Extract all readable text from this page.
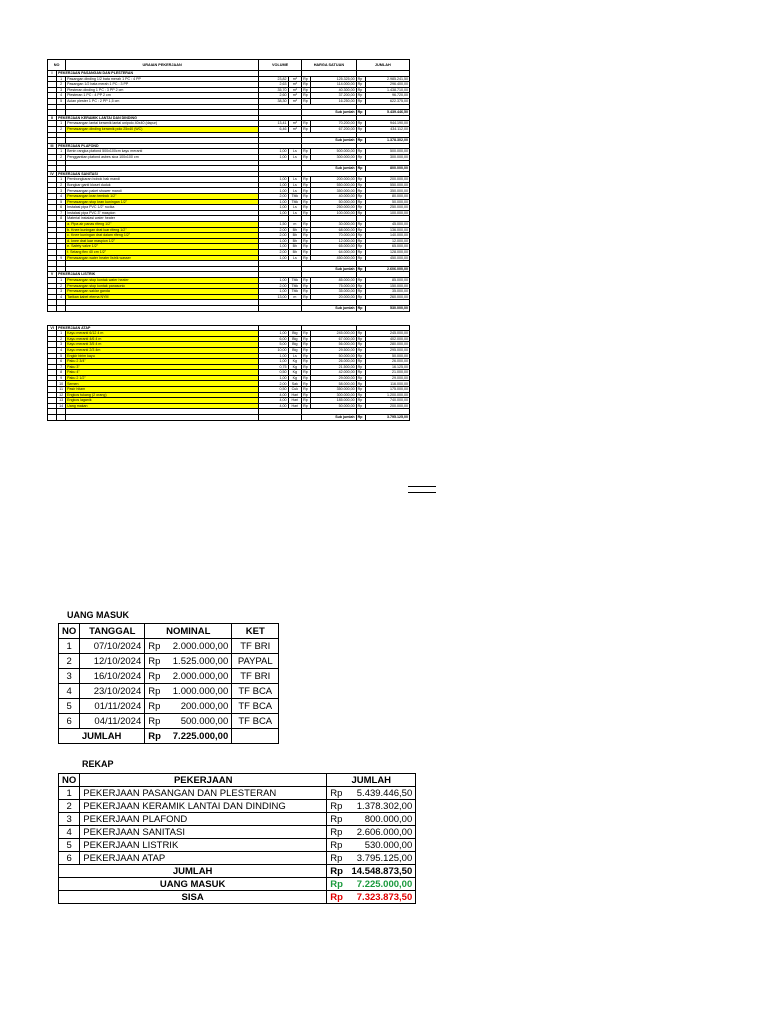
NO		URAIAN PEKERJAAN	VOLUME		HARGA SATUAN		JUMLAH	
I	PEKERJAAN PASANGAN DAN PLESTERAN							
	1	Pasangan dinding 1/2 bata merah 1 PC : 4 PP	23,82	m²	Rp	125.325,00	Rp	2.985.241,50
	2	Pasangan 1/2 bata merah 1 PC : 3 PP	2,63	m²	Rp	114.000,00	Rp	296.400,00
	3	Plesteran dinding 1 PC : 3 PP 2 cm	35,70	m²	Rp	40.300,00	Rp	1.438.710,00
	4	Plesteran 1 PC : 4 PP 2 cm	2,60	m²	Rp	37.200,00	Rp	96.720,00
	5	Acian plester 1 PC : 2 PP 1,5 cm	38,30	m²	Rp	16.250,00	Rp	622.375,00

					Sub jumlah		Rp	5.439.446,50
II	PEKERJAAN KERAMIK LANTAI DAN DINDING							
	1	Pemasangan lantai keramik lantai unipolo 40x40 (dapur)	13,41	m²	Rp	70.200,00	Rp	944.190,00
	2	Pemasangan dinding keramik polo 25x40 (WC)	6,46	m²	Rp	67.200,00	Rp	434.112,00

					Sub jumlah		Rp	1.378.302,00
III	PEKERJAAN PLAFOND							
	1	Benin rangka plafond 500x100cm kayu meranti	1,00	Ls	Rp	500.000,00	Rp	500.000,00
	2	Penggantian plafond asbes sica 100x100 cm	1,00	Ls	Rp	300.000,00	Rp	300.000,00

					Sub jumlah		Rp	800.000,00
IV	PEKERJAAN SANITASI							
	1	Pembongkaran bobok bak mandi	1,00	Ls	Rp	200.000,00	Rp	200.000,00
	2	Bongkar ganti kloset duduk	1,00	Ls	Rp	550.000,00	Rp	550.000,00
	3	Pemasangan paket shower mandi	1,00	Ls	Rp	350.000,00	Rp	350.000,00
	4	Pemasangan kran tembok 1/2"	2,00	Titik	Rp	40.000,00	Rp	80.000,00
	5	Pemasangan stop kran kuningan 1/2"	1,00	Titik	Rp	50.000,00	Rp	50.000,00
	6	Instalasi pipa PVC 1/2" rucika	1,00	Ls	Rp	250.000,00	Rp	250.000,00
	7	Instalasi pipa PVC 3" maspion	1,00	Ls	Rp	100.000,00	Rp	100.000,00
	8	Material instalasi water heater						
		a. Pipa air panas rifeng 1/2"	1,50	m	Rp	30.000,00	Rp	45.000,00
		b. Knee kuningan drat luar rifeng 1/2"	2,00	Bh	Rp	68.000,00	Rp	136.000,00
		c. Knee kuningan drat dalam rifeng 1/2"	2,00	Bh	Rp	70.000,00	Rp	140.000,00
		d. knee drat luar maspion 1/2"	1,00	Bh	Rp	12.000,00	Rp	12.000,00
		e. Safety valve 1/2"	1,00	Bh	Rp	65.000,00	Rp	65.000,00
		f. Selang flex 40 cm 1/2"	2,00	Bh	Rp	64.000,00	Rp	128.000,00
	9	Pemasangan water heater listrik wasser	1,00	Ls	Rp	450.000,00	Rp	450.000,00

					Sub jumlah		Rp	2.606.000,00
V	PEKERJAAN LISTRIK							
	1	Pemasangan stop kontak water heater	1,00	Titik	Rp	85.000,00	Rp	85.000,00
	2	Pemasangan stop kontak panasonic	2,00	Titik	Rp	75.000,00	Rp	150.000,00
	3	Pemasangan saklar ganda	1,00	Titik	Rp	35.000,00	Rp	35.000,00
	4	Tarikan kabel eterna NYM	13,00	m	Rp	20.000,00	Rp	260.000,00

					Sub jumlah		Rp	530.000,00

VI	PEKERJAAN ATAP							
	1	Kayu meranti 6/12 4 m	1,00	Btg	Rp	245.000,00	Rp	245.000,00
	2	Kayu meranti 4/6 4 m	6,00	Btg	Rp	67.000,00	Rp	402.000,00
	3	Kayu meranti 3/5 4 m	5,00	Btg	Rp	56.000,00	Rp	280.000,00
	4	Kayu meranti 2/3 4m	10,00	Btg	Rp	29.500,00	Rp	295.000,00
	5	Engkir birim kayu	1,00	Ls	Rp	50.000,00	Rp	50.000,00
	6	Paku 2 3/4"	1,00	Kg	Rp	26.000,00	Rp	26.000,00
	7	Paku 3"	0,75	Kg	Rp	21.500,00	Rp	16.125,00
	8	Paku 4"	0,50	Kg	Rp	42.000,00	Rp	21.000,00
	9	Paku 2 1/2"	1,00	Kg	Rp	29.000,00	Rp	29.000,00
	10	Semen	2,00	Sak	Rp	58.000,00	Rp	116.000,00
	11	Pasir hitam	0,50	Cuk	Rp	350.000,00	Rp	175.000,00
	12	Engkos tukang (2 orang)	4,00	Hari	Rp	300.000,00	Rp	1.200.000,00
	13	Engkos laganik	4,00	Hari	Rp	185.000,00	Rp	740.000,00
	14	Uang makan	4,00	Hari	Rp	50.000,00	Rp	200.000,00

					Sub jumlah		Rp	3.795.125,00
UANG MASUK
NO	TANGGAL	NOMINAL		KET
1	07/10/2024	Rp	2.000.000,00	TF BRI
2	12/10/2024	Rp	1.525.000,00	PAYPAL
3	16/10/2024	Rp	2.000.000,00	TF BRI
4	23/10/2024	Rp	1.000.000,00	TF BCA
5	01/11/2024	Rp	200.000,00	TF BCA
6	04/11/2024	Rp	500.000,00	TF BCA
JUMLAH		Rp	7.225.000,00	
REKAP
NO	PEKERJAAN	JUMLAH	
1	PEKERJAAN PASANGAN DAN PLESTERAN	Rp	5.439.446,50
2	PEKERJAAN KERAMIK LANTAI DAN DINDING	Rp	1.378.302,00
3	PEKERJAAN PLAFOND	Rp	800.000,00
4	PEKERJAAN SANITASI	Rp	2.606.000,00
5	PEKERJAAN LISTRIK	Rp	530.000,00
6	PEKERJAAN ATAP	Rp	3.795.125,00
JUMLAH		Rp	14.548.873,50
UANG MASUK		Rp	7.225.000,00
SISA		Rp	7.323.873,50
